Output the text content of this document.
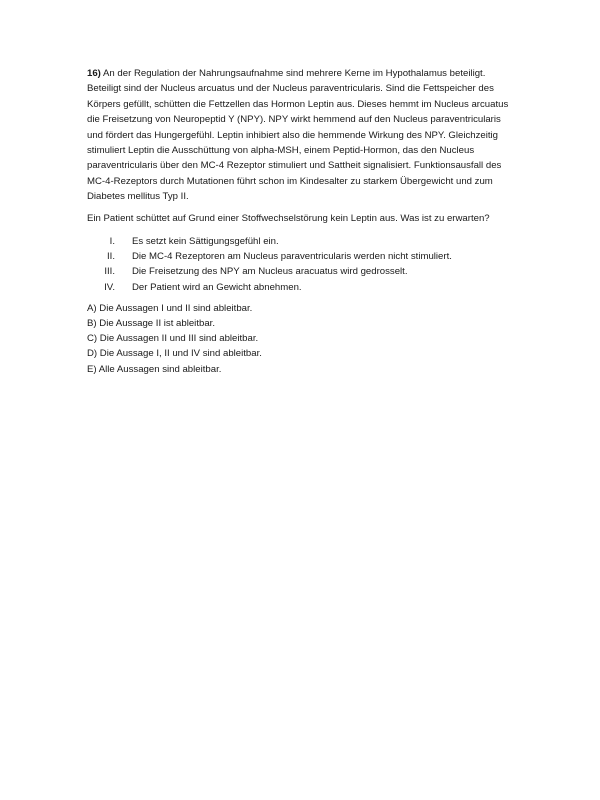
16) An der Regulation der Nahrungsaufnahme sind mehrere Kerne im Hypothalamus beteiligt. Beteiligt sind der Nucleus arcuatus und der Nucleus paraventricularis. Sind die Fettspeicher des Körpers gefüllt, schütten die Fettzellen das Hormon Leptin aus. Dieses hemmt im Nucleus arcuatus die Freisetzung von Neuropeptid Y (NPY). NPY wirkt hemmend auf den Nucleus paraventricularis und fördert das Hungergefühl. Leptin inhibiert also die hemmende Wirkung des NPY. Gleichzeitig stimuliert Leptin die Ausschüttung von alpha-MSH, einem Peptid-Hormon, das den Nucleus paraventricularis über den MC-4 Rezeptor stimuliert und Sattheit signalisiert. Funktionsausfall des MC-4-Rezeptors durch Mutationen führt schon im Kindesalter zu starkem Übergewicht und zum Diabetes mellitus Typ II.

Ein Patient schüttet auf Grund einer Stoffwechselstörung kein Leptin aus. Was ist zu erwarten?

I.	Es setzt kein Sättigungsgefühl ein.
II.	Die MC-4 Rezeptoren am Nucleus paraventricularis werden nicht stimuliert.
III.	Die Freisetzung des NPY am Nucleus aracuatus wird gedrosselt.
IV.	Der Patient wird an Gewicht abnehmen.
A) Die Aussagen I und II sind ableitbar.
B) Die Aussage II ist ableitbar.
C) Die Aussagen II und III sind ableitbar.
D) Die Aussage I, II und IV sind ableitbar.
E) Alle Aussagen sind ableitbar.
